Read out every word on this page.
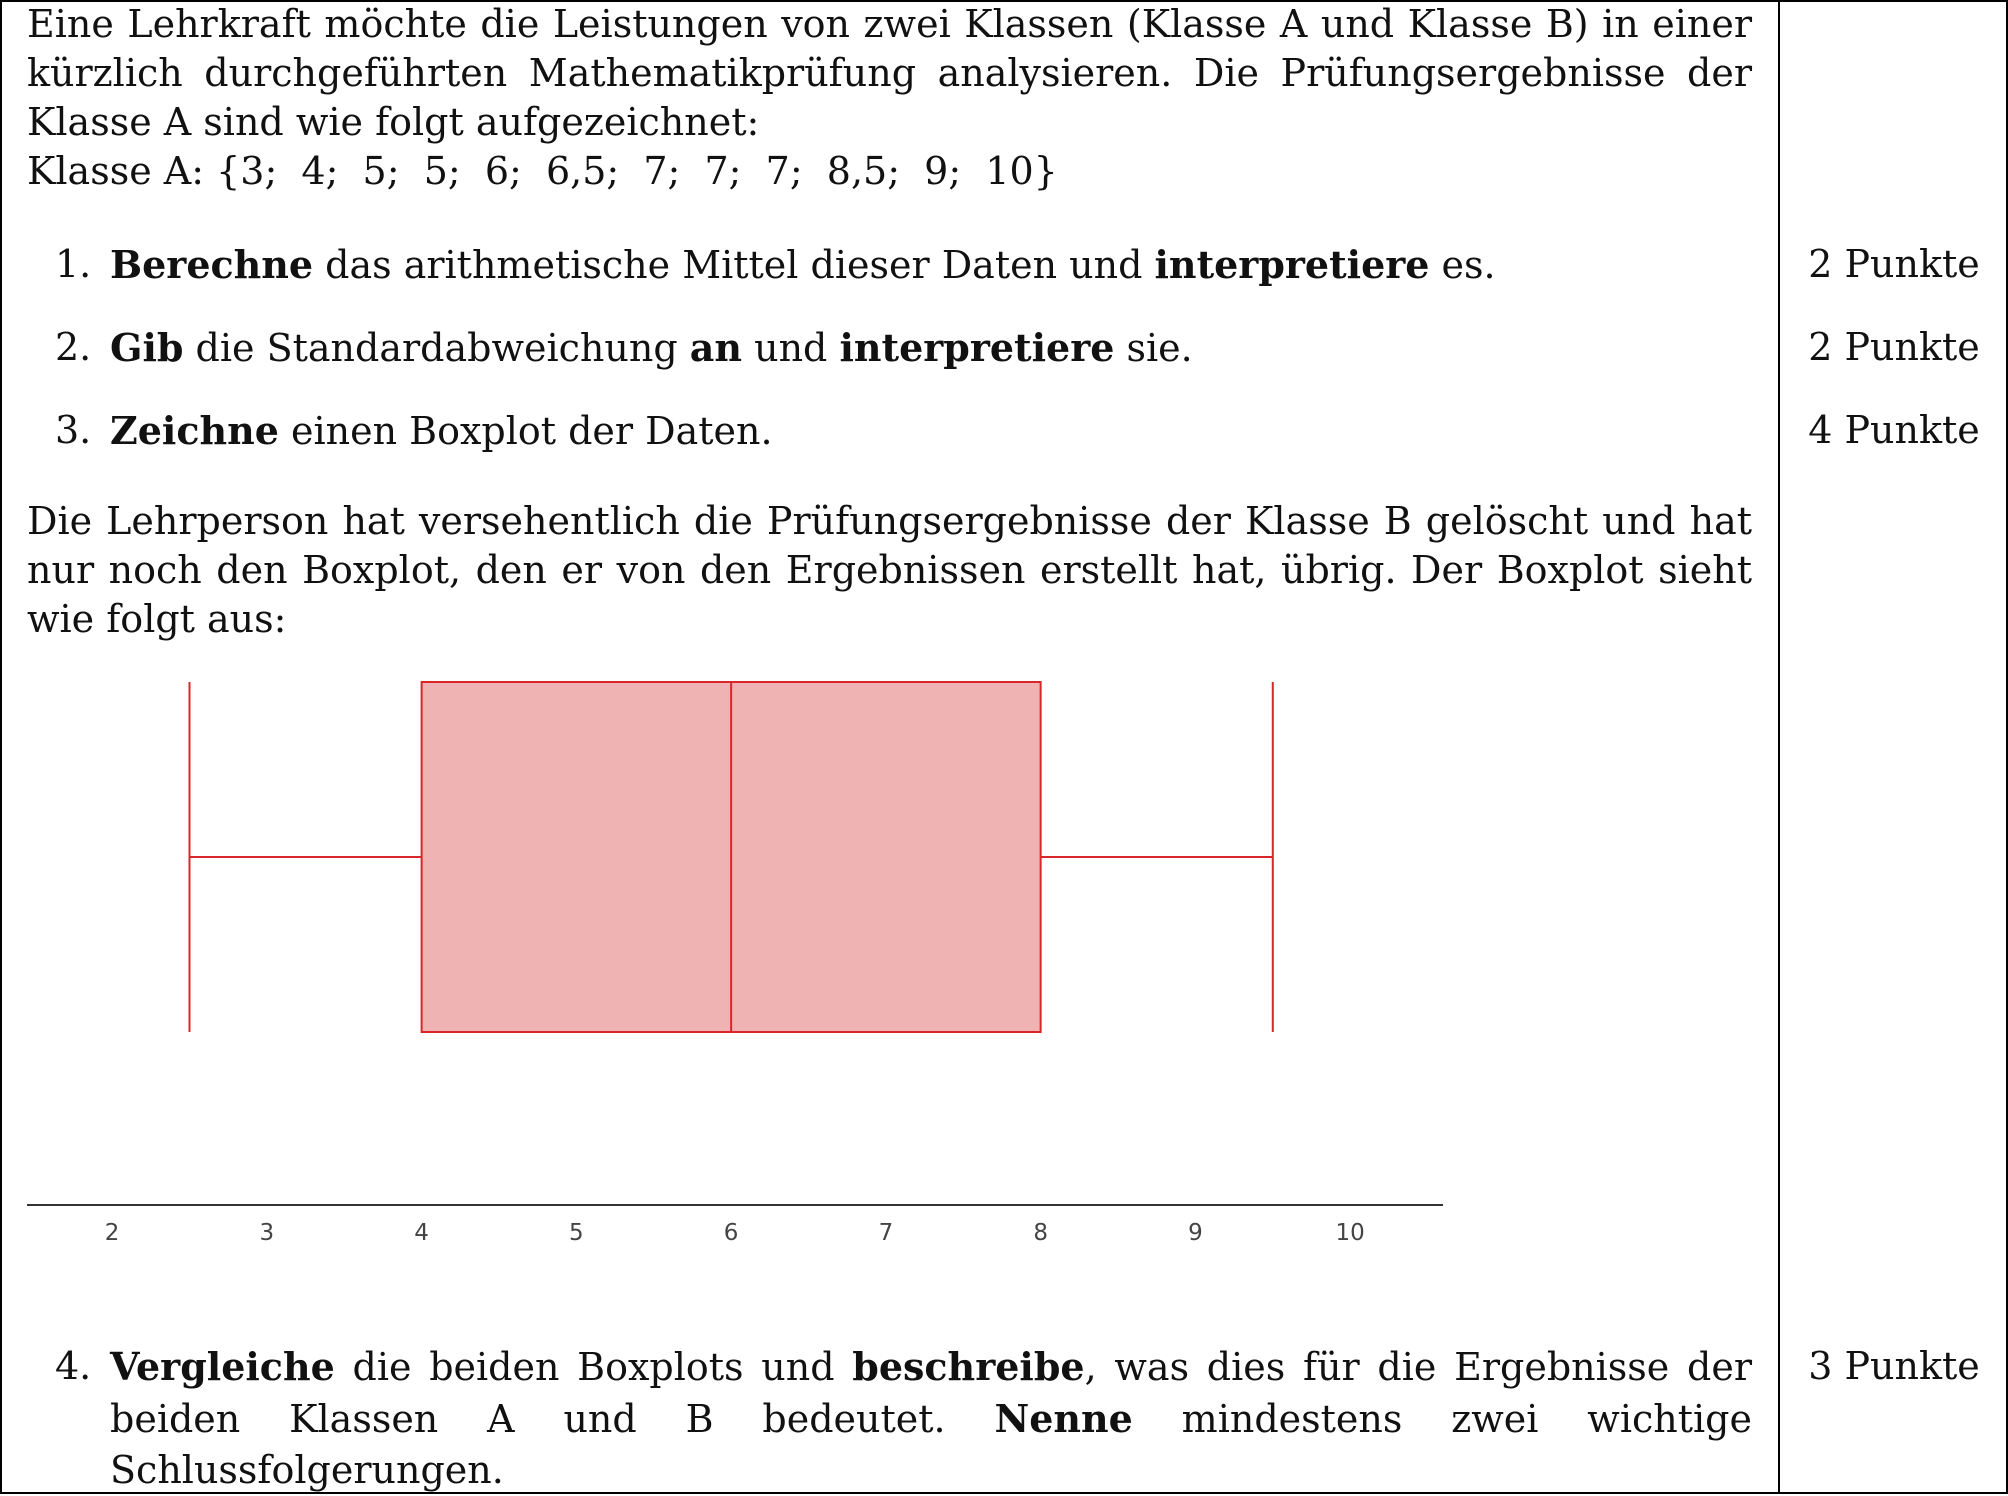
Eine Lehrkraft möchte die Leistungen von zwei Klassen (Klasse A und Klasse B) in einer kürzlich durchgeführten Mathematikprüfung analysieren. Die Prüfungsergebnisse der Klasse A sind wie folgt aufgezeichnet:

Klasse A: {3;  4;  5;  5;  6;  6,5;  7;  7;  7;  8,5;  9;  10}

1. Berechne das arithmetische Mittel dieser Daten und interpretiere es.	2 Punkte
2. Gib die Standardabweichung an und interpretiere sie.	2 Punkte
3. Zeichne einen Boxplot der Daten.	4 Punkte

Die Lehrperson hat versehentlich die Prüfungsergebnisse der Klasse B gelöscht und hat nur noch den Boxplot, den er von den Ergebnissen erstellt hat, übrig. Der Boxplot sieht wie folgt aus:

2	3	4	5	6	7	8	9	10
4. Vergleiche die beiden Boxplots und beschreibe, was dies für die Ergebnisse der beiden Klassen A und B bedeutet. Nenne mindestens zwei wichtige Schlussfolgerungen.
3 Punkte
